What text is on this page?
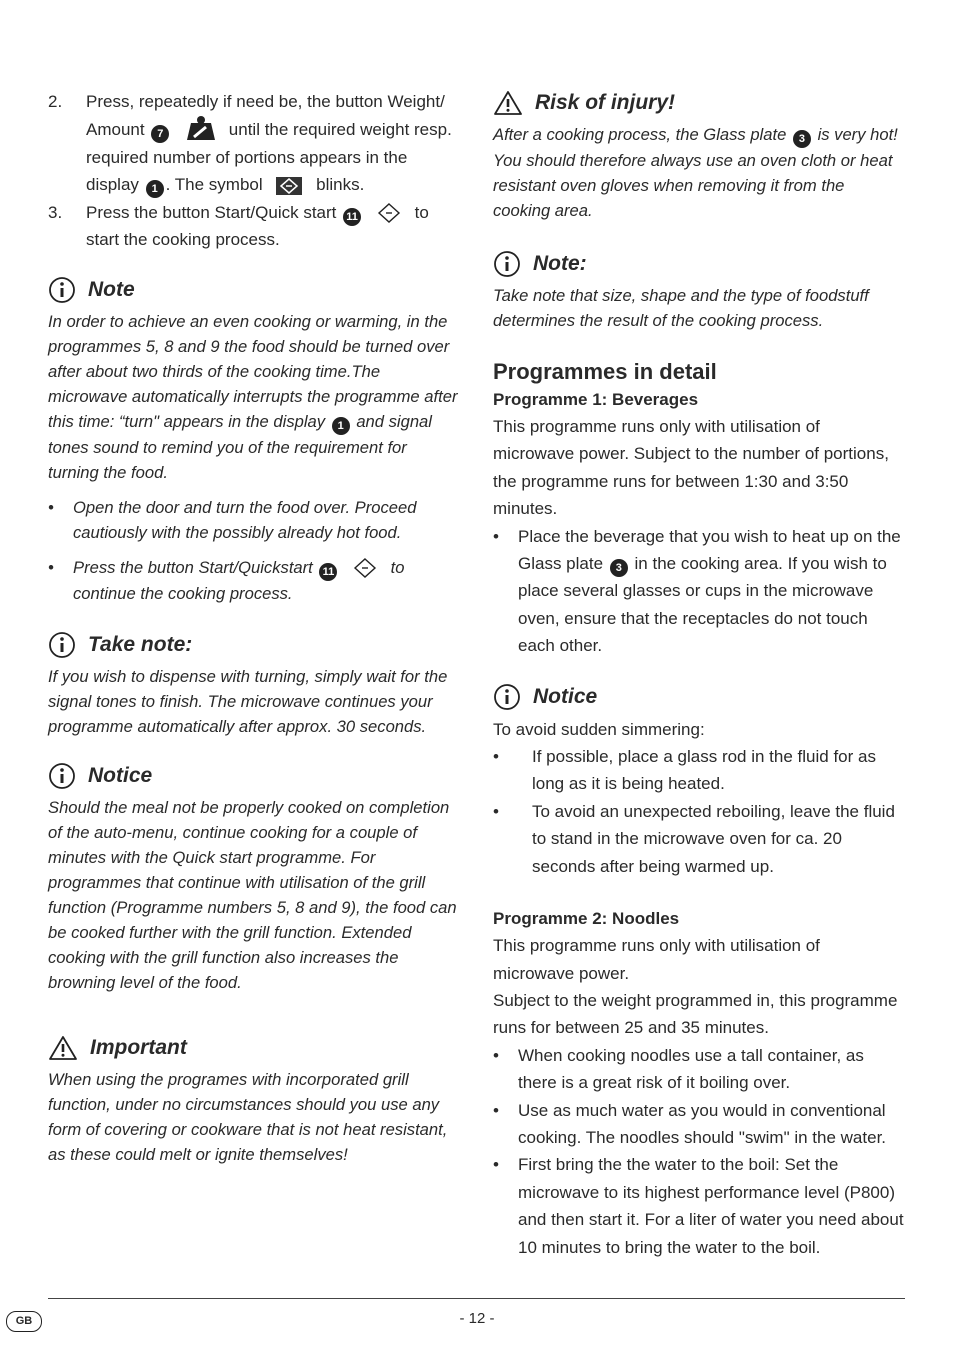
2.	Press, repeatedly if need be, the button Weight/ Amount 7	until the required weight resp. required number of portions appears in the display 1 . The symbol	blinks.
3.	Press the button Start/Quick start 11	to start the cooking process.
Note

In order to achieve an even cooking or warming, in the programmes 5, 8 and 9 the food should be turned over after about two thirds of the cooking time.The microwave automatically interrupts the programme after this time: “turn" appears in the display 1 and signal tones sound to remind you of the requirement for turning the food.

•	Open the door and turn the food over. Proceed cautiously with the possibly already hot food.
•	Press the button Start/Quickstart 11	to continue the cooking process.
Take note:

If you wish to dispense with turning, simply wait for the signal tones to finish. The microwave continues your programme automatically after approx. 30 seconds.

Notice

Should the meal not be properly cooked on completion of the auto-menu, continue cooking for a couple of minutes with the Quick start programme. For programmes that continue with utilisation of the grill function (Programme numbers 5, 8 and 9), the food can be cooked further with the grill function. Extended cooking with the grill function also increases the browning level of the food.

Important

When using the programes with incorporated grill function, under no circumstances should you use any form of covering or cookware that is not heat resistant, as these could melt or ignite themselves!

Risk of injury!

After a cooking process, the Glass plate 3 is very hot! You should therefore always use an oven cloth or heat resistant oven gloves when removing it from the cooking area.

Note:

Take note that size, shape and the type of foodstuff determines the result of the cooking process.

Programmes in detail
Programme 1: Beverages

This programme runs only with utilisation of microwave power. Subject to the number of portions, the programme runs for between 1:30 and 3:50 minutes.

•	Place the beverage that you wish to heat up on the Glass plate 3 in the cooking area. If you wish to place several glasses or cups in the microwave oven, ensure that the receptacles do not touch each other.
Notice

To avoid sudden simmering:

•	If possible, place a glass rod in the fluid for as long as it is being heated.
•	To avoid an unexpected reboiling, leave the fluid to stand in the microwave oven for ca. 20 seconds after being warmed up.
Programme 2: Noodles

This programme runs only with utilisation of microwave power.

Subject to the weight programmed in, this programme runs for between 25 and 35 minutes.

•	When cooking noodles use a tall container, as there is a great risk of it boiling over.
•	Use as much water as you would in conventional cooking. The noodles should "swim" in the water.
•	First bring the the water to the boil: Set the microwave to its highest performance level (P800) and then start it. For a liter of water you need about 10 minutes to bring the water to the boil.
GB	- 12 -
